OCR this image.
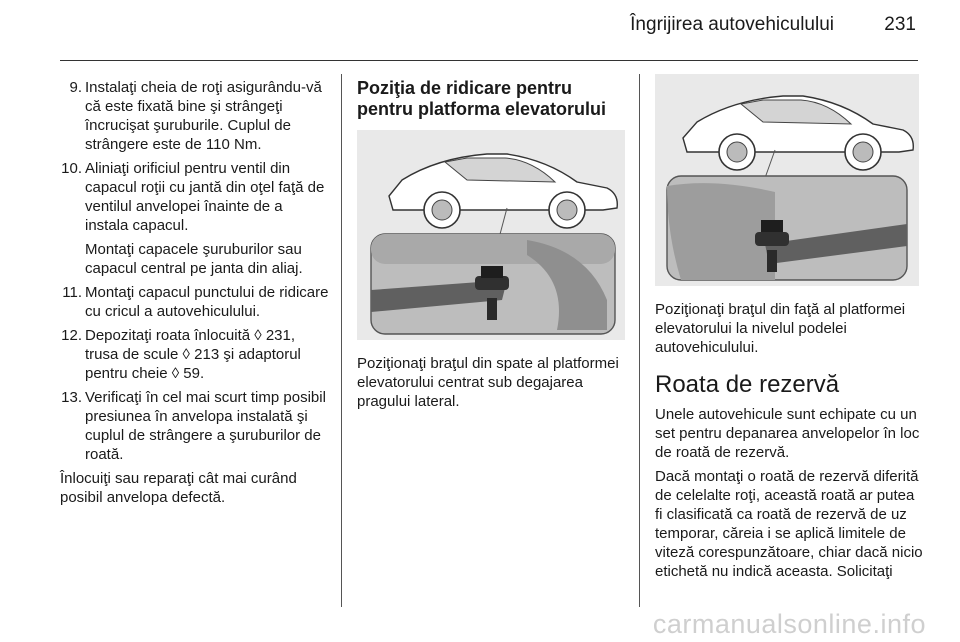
Îngrijirea autovehiculului	231
9. Instalaţi cheia de roţi asigurându-vă că este fixată bine şi strângeţi încrucişat şuruburile. Cuplul de strângere este de 110 Nm.
10. Aliniaţi orificiul pentru ventil din capacul roţii cu jantă din oţel faţă de ventilul anvelopei înainte de a instala capacul.
Montaţi capacele şuruburilor sau capacul central pe janta din aliaj.
11. Montaţi capacul punctului de ridicare cu cricul a autovehiculului.
12. Depozitaţi roata înlocuită ◊ 231, trusa de scule ◊ 213 şi adaptorul pentru cheie ◊ 59.
13. Verificaţi în cel mai scurt timp posibil presiunea în anvelopa instalată şi cuplul de strângere a şuruburilor de roată.

Înlocuiţi sau reparaţi cât mai curând posibil anvelopa defectă.

Poziţia de ridicare pentru pentru platforma elevatorului

Poziţionaţi braţul din spate al platformei elevatorului centrat sub degajarea pragului lateral.

Poziţionaţi braţul din faţă al platformei elevatorului la nivelul podelei autovehiculului.

Roata de rezervă

Unele autovehicule sunt echipate cu un set pentru depanarea anvelopelor în loc de roată de rezervă.

Dacă montaţi o roată de rezervă diferită de celelalte roţi, această roată ar putea fi clasificată ca roată de rezervă de uz temporar, căreia i se aplică limitele de viteză corespunzătoare, chiar dacă nicio etichetă nu indică aceasta. Solicitaţi

carmanualsonline.info
